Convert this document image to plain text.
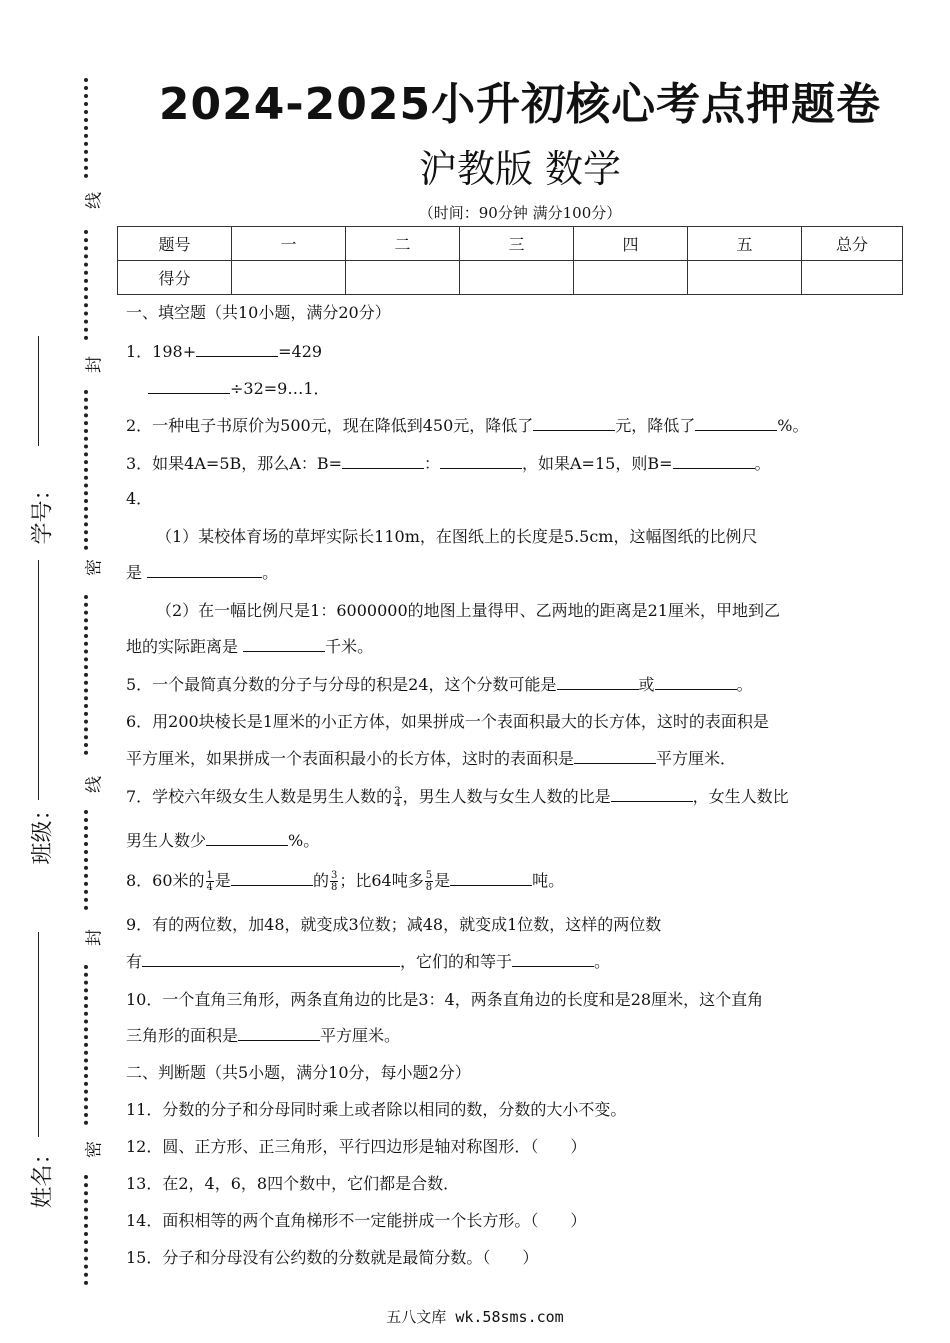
线
封
密
线
封
密
学号：
班级：
姓名：
2024-2025小升初核心考点押题卷
沪教版 数学
（时间：90分钟 满分100分）
题号	一	二	三	四	五	总分
得分						
一、填空题（共10小题，满分20分）
1．198+	=429
÷32=9…1．
2．一种电子书原价为500元，现在降低到450元，降低了	元，降低了	%。
3．如果4A=5B，那么A：B=	：	，如果A=15，则B=	。
4．
（1）某校体育场的草坪实际长110m，在图纸上的长度是5.5cm，这幅图纸的比例尺
是	。
（2）在一幅比例尺是1：6000000的地图上量得甲、乙两地的距离是21厘米，甲地到乙
地的实际距离是	千米。
5．一个最简真分数的分子与分母的积是24，这个分数可能是	或	。
6．用200块棱长是1厘米的小正方体，如果拼成一个表面积最大的长方体，这时的表面积是
平方厘米，如果拼成一个表面积最小的长方体，这时的表面积是	平方厘米．
7．学校六年级女生人数是男生人数的 $\frac{3}{4}$ ，男生人数与女生人数的比是	，女生人数比
男生人数少	%。
8．60米的 $\frac{1}{4}$ 是	的 $\frac{3}{8}$ ；比64吨多 $\frac{5}{8}$ 是	吨。
9．有的两位数，加48，就变成3位数；减48，就变成1位数，这样的两位数
有	，它们的和等于	。
10．一个直角三角形，两条直角边的比是3：4，两条直角边的长度和是28厘米，这个直角
三角形的面积是	平方厘米。
二、判断题（共5小题，满分10分，每小题2分）
11．分数的分子和分母同时乘上或者除以相同的数，分数的大小不变。
12．圆、正方形、正三角形，平行四边形是轴对称图形．（　　）
13．在2，4，6，8四个数中，它们都是合数．
14．面积相等的两个直角梯形不一定能拼成一个长方形。（　　）
15．分子和分母没有公约数的分数就是最简分数。（　　）
五八文库 wk.58sms.com
